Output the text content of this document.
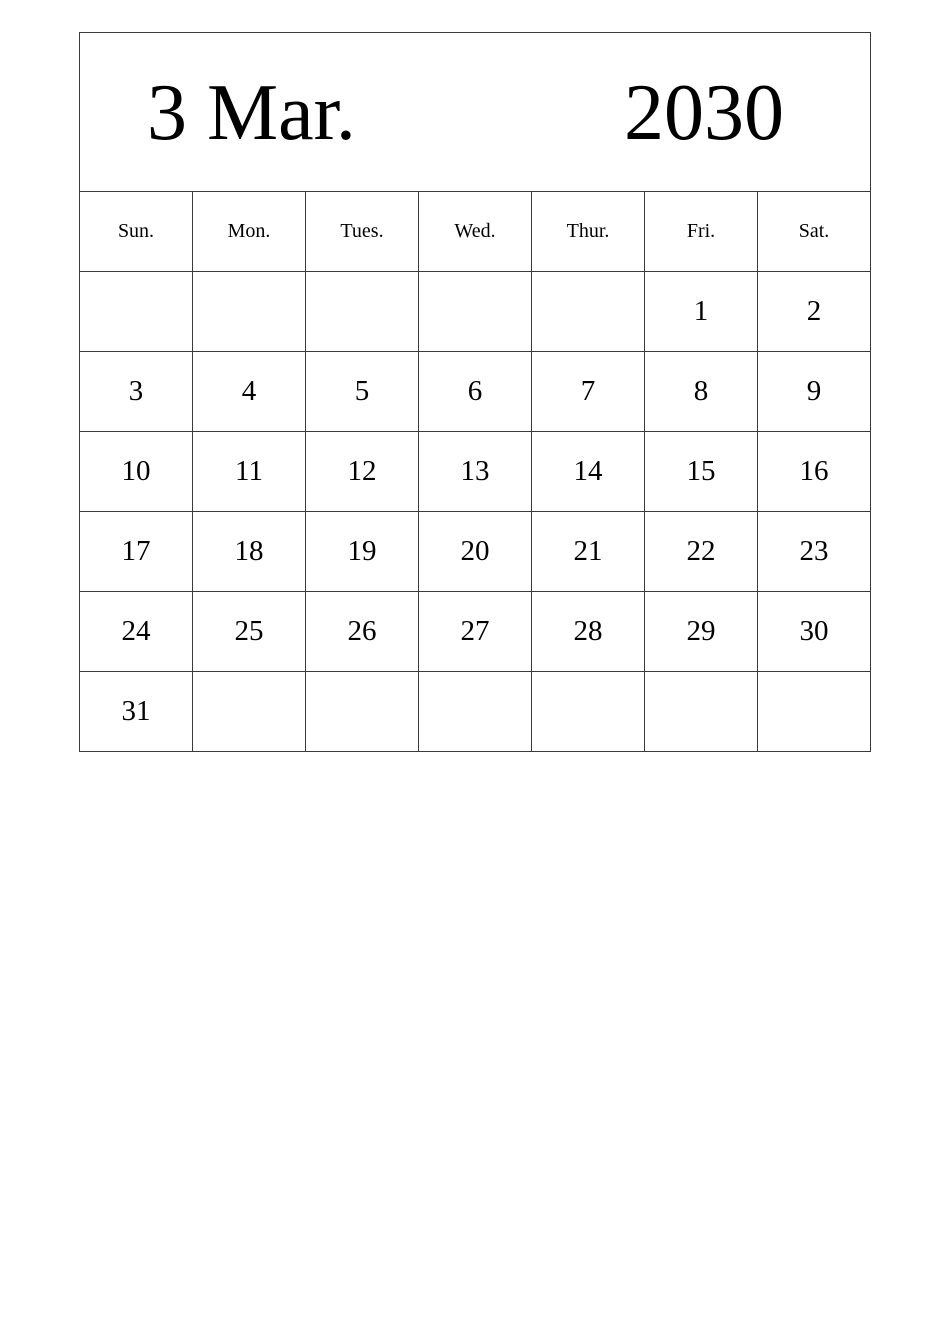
3 Mar. 2030						

Sun.	Mon.	Tues.	Wed.	Thur.	Fri.	Sat.
					1	2
3	4	5	6	7	8	9
10	11	12	13	14	15	16
17	18	19	20	21	22	23
24	25	26	27	28	29	30
31						
